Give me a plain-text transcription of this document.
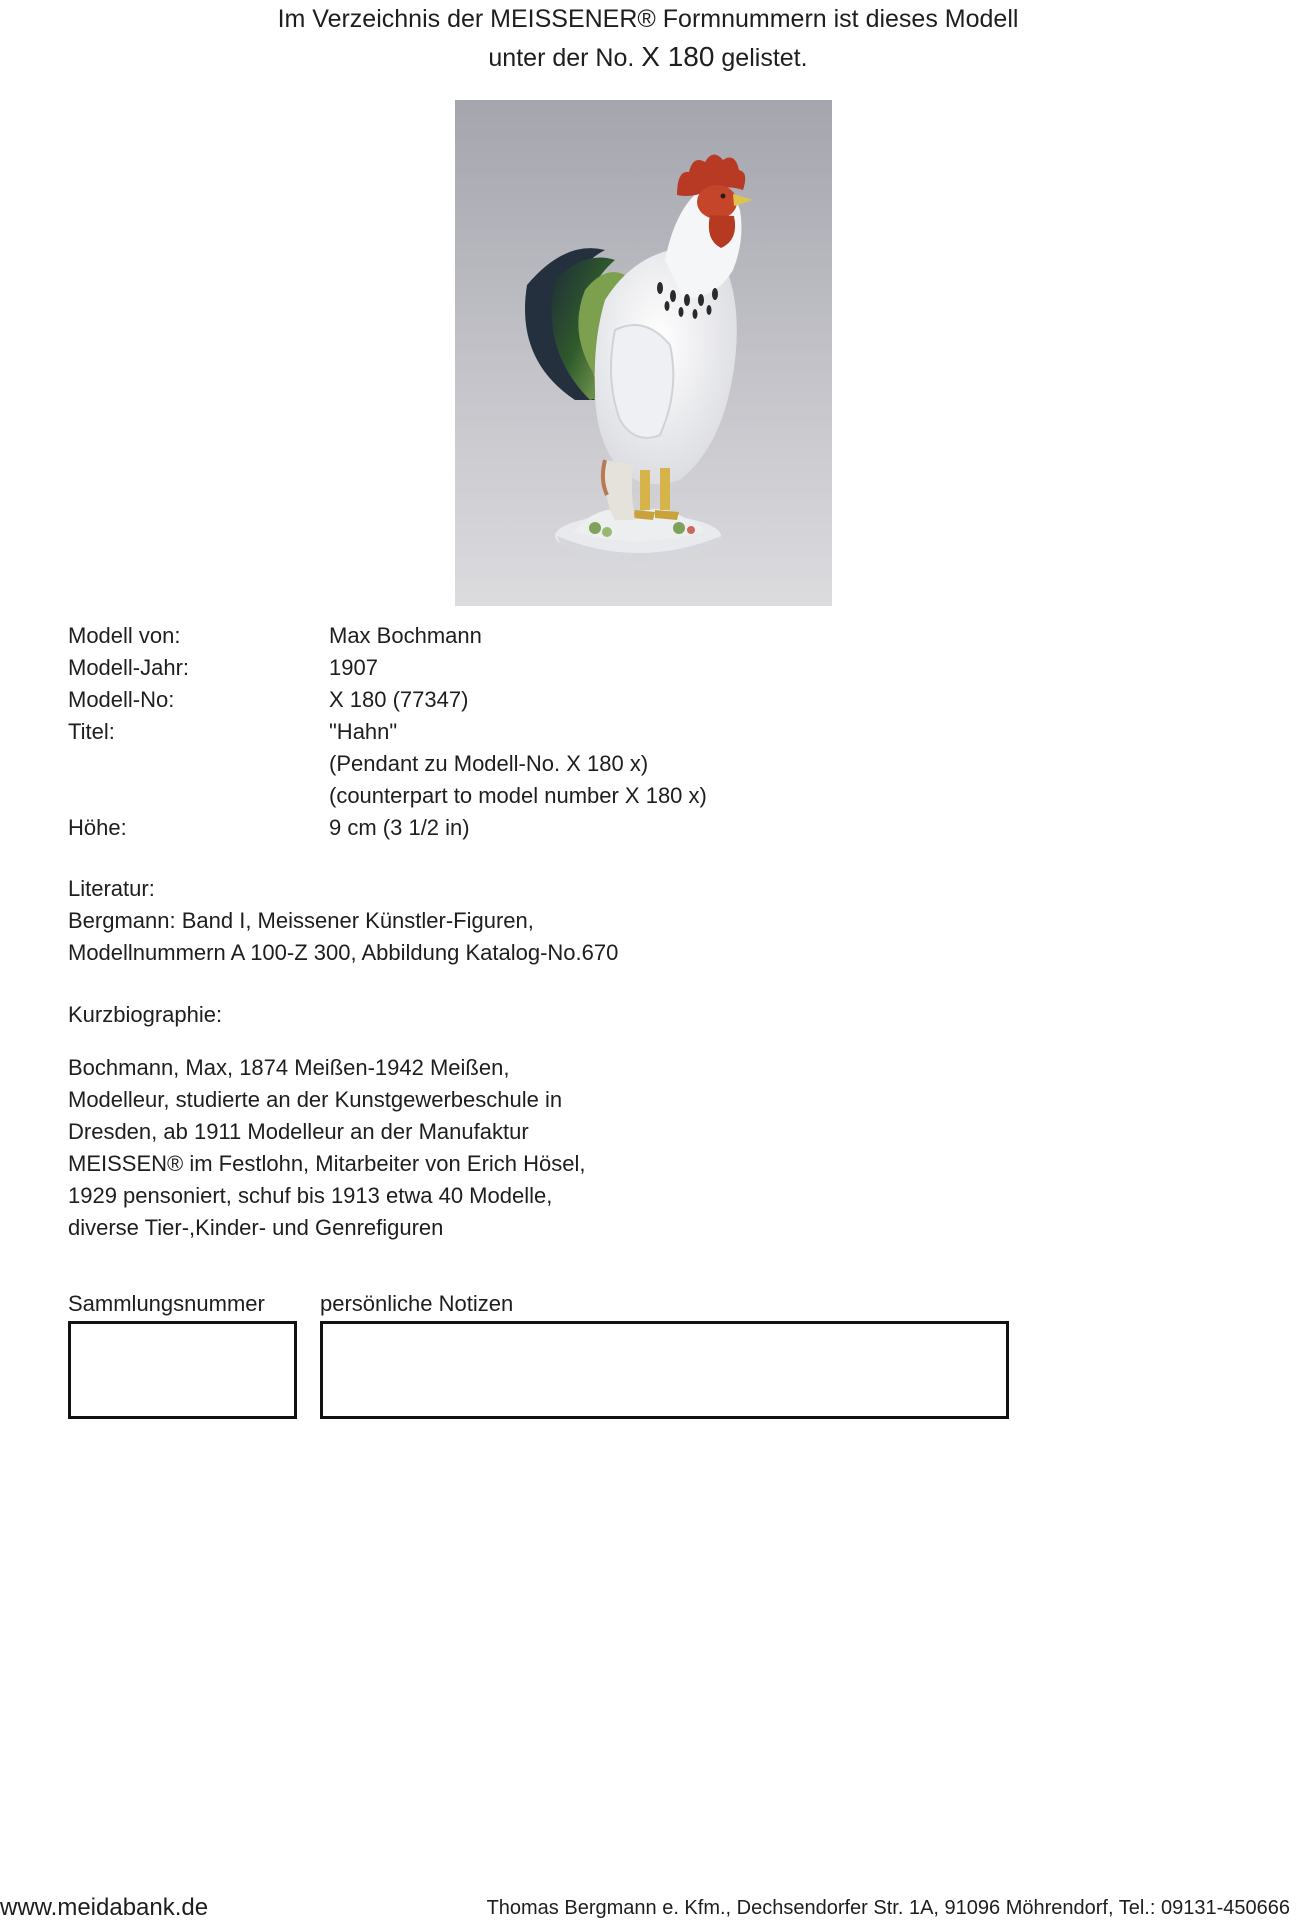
Im Verzeichnis der MEISSENER® Formnummern ist dieses Modell
unter der No. X 180 gelistet.
Modell von:	Max Bochmann
Modell-Jahr:	1907
Modell-No:	X 180 (77347)
Titel:	"Hahn"
(Pendant zu Modell-No. X 180 x)
(counterpart to model number X 180 x)
Höhe:	9 cm (3 1/2 in)
Literatur:
Bergmann: Band I, Meissener Künstler-Figuren,
Modellnummern A 100-Z 300, Abbildung Katalog-No.670
Kurzbiographie:
Bochmann, Max, 1874 Meißen-1942 Meißen,
Modelleur, studierte an der Kunstgewerbeschule in
Dresden, ab 1911 Modelleur an der Manufaktur
MEISSEN® im Festlohn, Mitarbeiter von Erich Hösel,
1929 pensoniert, schuf bis 1913 etwa 40 Modelle,
diverse Tier-,Kinder- und Genrefiguren
Sammlungsnummer	persönliche Notizen
www.meidabank.de	Thomas Bergmann e. Kfm., Dechsendorfer Str. 1A, 91096 Möhrendorf, Tel.: 09131-450666
